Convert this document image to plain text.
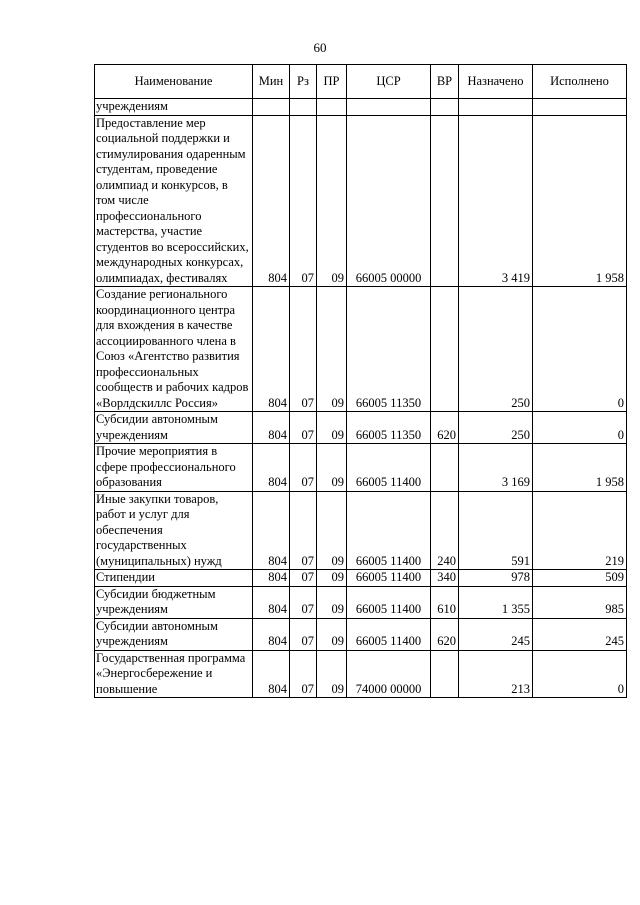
60
Наименование	Мин	Рз	ПР	ЦСР	ВР	Назначено	Исполнено
учреждениям							
Предоставление мер социальной поддержки и стимулирования одаренным студентам, проведение олимпиад и конкурсов, в том числе профессионального мастерства, участие студентов во всероссийских, международных конкурсах, олимпиадах, фестивалях	804	07	09	66005 00000		3 419	1 958
Создание регионального координационного центра для вхождения в качестве ассоциированного члена в Союз «Агентство развития профессиональных сообществ и рабочих кадров «Ворлдскиллс Россия»	804	07	09	66005 11350		250	0
Субсидии автономным учреждениям	804	07	09	66005 11350	620	250	0
Прочие мероприятия в сфере профессионального образования	804	07	09	66005 11400		3 169	1 958
Иные закупки товаров, работ и услуг для обеспечения государственных (муниципальных) нужд	804	07	09	66005 11400	240	591	219
Стипендии	804	07	09	66005 11400	340	978	509
Субсидии бюджетным учреждениям	804	07	09	66005 11400	610	1 355	985
Субсидии автономным учреждениям	804	07	09	66005 11400	620	245	245
Государственная программа «Энергосбережение и повышение	804	07	09	74000 00000		213	0
